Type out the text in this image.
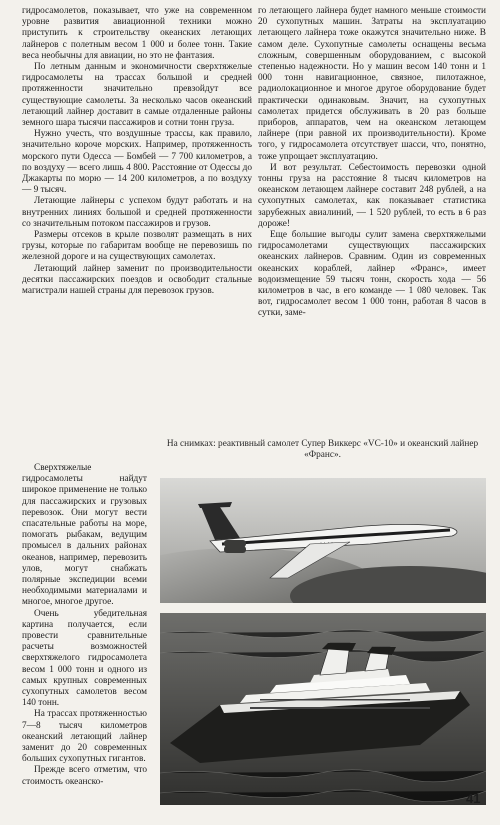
гидросамолетов, показывает, что уже на современном уровне развития авиационной техники можно приступить к строительству океанских летающих лайнеров с полетным весом 1 000 и более тонн. Такие веса необычны для авиации, но это не фантазия.

По летным данным и экономичности сверхтяжелые гидросамолеты на трассах большой и средней протяженности значительно превзойдут все существующие самолеты. За несколько часов океанский летающий лайнер доставит в самые отдаленные районы земного шара тысячи пассажиров и сотни тонн груза.

Нужно учесть, что воздушные трассы, как правило, значительно короче морских. Например, протяженность морского пути Одесса — Бомбей — 7 700 километров, а по воздуху — всего лишь 4 800. Расстояние от Одессы до Джакарты по морю — 14 200 километров, а по воздуху — 9 тысяч.

Летающие лайнеры с успехом будут работать и на внутренних линиях большой и средней протяженности со значительным потоком пассажиров и грузов.

Размеры отсеков в крыле позволят размещать в них грузы, которые по габаритам вообще не перевозишь по железной дороге и на существующих самолетах.

Летающий лайнер заменит по производительности десятки пассажирских поездов и освободит стальные магистрали нашей страны для перевозок грузов.

Сверхтяжелые гидросамолеты найдут широкое применение не только для пассажирских и грузовых перевозок. Они могут вести спасательные работы на море, помогать рыбакам, ведущим промысел в дальних районах океанов, например, перевозить улов, могут снабжать полярные экспедиции всеми необходимыми материалами и многое, многое другое.

Очень убедительная картина получается, если провести сравнительные расчеты возможностей сверхтяжелого гидросамолета весом 1 000 тонн и одного из самых крупных современных сухопутных самолетов весом 140 тонн.

На трассах протяженностью 7—8 тысяч километров океанский летающий лайнер заменит до 20 современных больших сухопутных гигантов.

Прежде всего отметим, что стоимость океанско-

го летающего лайнера будет намного меньше стоимости 20 сухопутных машин. Затраты на эксплуатацию летающего лайнера тоже окажутся значительно ниже. В самом деле. Сухопутные самолеты оснащены весьма сложным, совершенным оборудованием, с высокой степенью надежности. Но у машин весом 140 тонн и 1 000 тонн навигационное, связное, пилотажное, радиолокационное и многое другое оборудование будет практически одинаковым. Значит, на сухопутных самолетах придется обслуживать в 20 раз больше приборов, аппаратов, чем на океанском летающем лайнере (при равной их производительности). Кроме того, у гидросамолета отсутствует шасси, что, понятно, тоже упрощает эксплуатацию.

И вот результат. Себестоимость перевозки одной тонны груза на расстояние 8 тысяч километров на океанском летающем лайнере составит 248 рублей, а на сухопутных самолетах, как показывает статистика зарубежных авиалиний, — 1 520 рублей, то есть в 6 раз дороже!

Еще большие выгоды сулит замена сверхтяжелыми гидросамолетами существующих пассажирских океанских лайнеров. Сравним. Один из современных океанских кораблей, лайнер «Франс», имеет водоизмещение 59 тысяч тонн, скорость хода — 56 километров в час, в его команде — 1 080 человек. Так вот, гидросамолет весом 1 000 тонн, работая 8 часов в сутки, заме-

На снимках: реактивный самолет Супер Виккерс «VC-10» и океанский лайнер «Франс».
· · · ·
41
